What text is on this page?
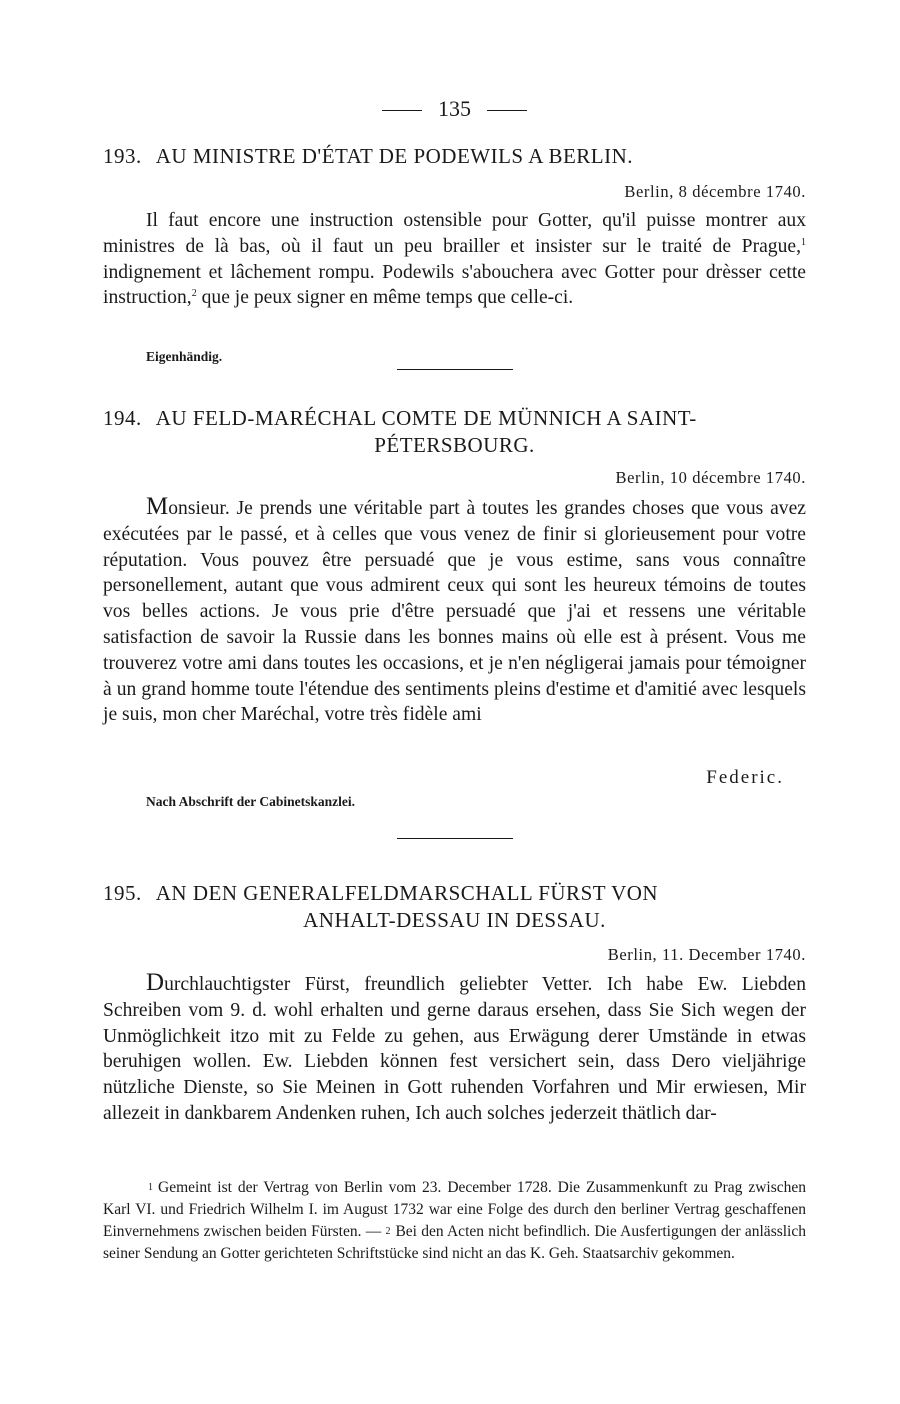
135
193. AU MINISTRE D'ÉTAT DE PODEWILS A BERLIN.
Berlin, 8 décembre 1740.

Il faut encore une instruction ostensible pour Gotter, qu'il puisse montrer aux ministres de là bas, où il faut un peu brailler et insister sur le traité de Prague,$^1$ indignement et lâchement rompu. Podewils s'abouchera avec Gotter pour drèsser cette instruction,$^2$ que je peux signer en même temps que celle-ci.

Eigenhändig.
194. AU FELD-MARÉCHAL COMTE DE MÜNNICH A SAINT-
PÉTERSBOURG.
Berlin, 10 décembre 1740.

Monsieur. Je prends une véritable part à toutes les grandes choses que vous avez exécutées par le passé, et à celles que vous venez de finir si glorieusement pour votre réputation. Vous pouvez être persuadé que je vous estime, sans vous connaître personellement, autant que vous admirent ceux qui sont les heureux témoins de toutes vos belles actions. Je vous prie d'être persuadé que j'ai et ressens une véritable satisfaction de savoir la Russie dans les bonnes mains où elle est à présent. Vous me trouverez votre ami dans toutes les occasions, et je n'en négligerai jamais pour témoigner à un grand homme toute l'étendue des sentiments pleins d'estime et d'amitié avec lesquels je suis, mon cher Maréchal, votre très fidèle ami

Federic.
Nach Abschrift der Cabinetskanzlei.
195. AN DEN GENERALFELDMARSCHALL FÜRST VON
ANHALT-DESSAU IN DESSAU.
Berlin, 11. December 1740.

Durchlauchtigster Fürst, freundlich geliebter Vetter. Ich habe Ew. Liebden Schreiben vom 9. d. wohl erhalten und gerne daraus ersehen, dass Sie Sich wegen der Unmöglichkeit itzo mit zu Felde zu gehen, aus Erwägung derer Umstände in etwas beruhigen wollen. Ew. Liebden können fest versichert sein, dass Dero vieljährige nützliche Dienste, so Sie Meinen in Gott ruhenden Vorfahren und Mir erwiesen, Mir allezeit in dankbarem Andenken ruhen, Ich auch solches jederzeit thätlich dar-

1 Gemeint ist der Vertrag von Berlin vom 23. December 1728. Die Zusammenkunft zu Prag zwischen Karl VI. und Friedrich Wilhelm I. im August 1732 war eine Folge des durch den berliner Vertrag geschaffenen Einvernehmens zwischen beiden Fürsten. — 2 Bei den Acten nicht befindlich. Die Ausfertigungen der anlässlich seiner Sendung an Gotter gerichteten Schriftstücke sind nicht an das K. Geh. Staatsarchiv gekommen.
